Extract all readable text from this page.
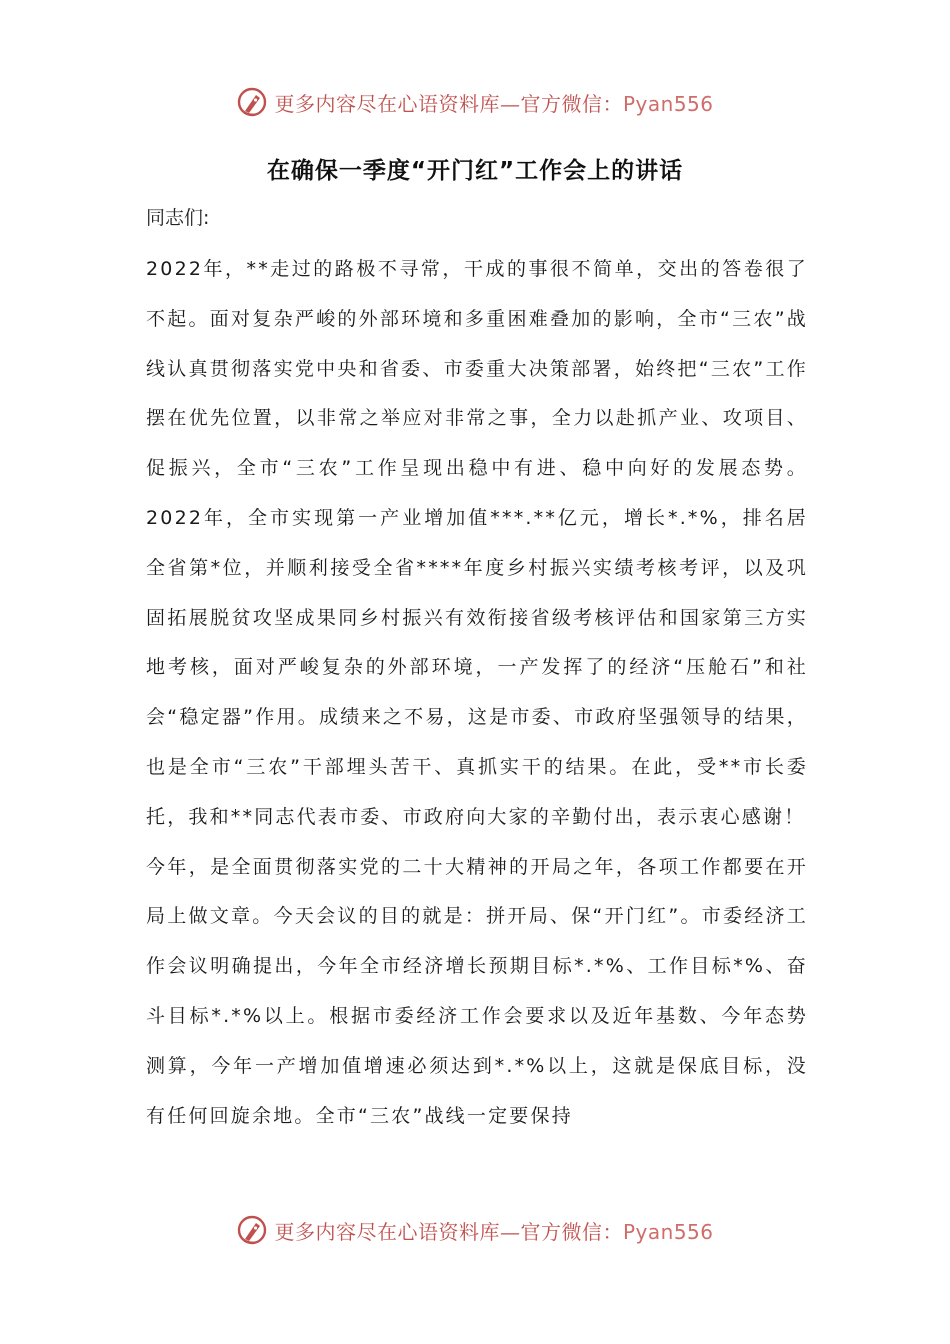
更多内容尽在心语资料库—官方微信：Pyan556
在确保一季度“开门红”工作会上的讲话

同志们:

2022年，**走过的路极不寻常，干成的事很不简单，交出的答卷很了不起。面对复杂严峻的外部环境和多重困难叠加的影响，全市“三农”战线认真贯彻落实党中央和省委、市委重大决策部署，始终把“三农”工作摆在优先位置，以非常之举应对非常之事，全力以赴抓产业、攻项目、促振兴，全市“三农”工作呈现出稳中有进、稳中向好的发展态势。2022年，全市实现第一产业增加值***.**亿元，增长*.*%，排名居全省第*位，并顺利接受全省****年度乡村振兴实绩考核考评，以及巩固拓展脱贫攻坚成果同乡村振兴有效衔接省级考核评估和国家第三方实地考核，面对严峻复杂的外部环境，一产发挥了的经济“压舱石”和社会“稳定器”作用。成绩来之不易，这是市委、市政府坚强领导的结果，也是全市“三农”干部埋头苦干、真抓实干的结果。在此，受**市长委托，我和**同志代表市委、市政府向大家的辛勤付出，表示衷心感谢！

今年，是全面贯彻落实党的二十大精神的开局之年，各项工作都要在开局上做文章。今天会议的目的就是：拼开局、保“开门红”。市委经济工作会议明确提出，今年全市经济增长预期目标*.*%、工作目标*%、奋斗目标*.*%以上。根据市委经济工作会要求以及近年基数、今年态势测算，今年一产增加值增速必须达到*.*%以上，这就是保底目标，没有任何回旋余地。全市“三农”战线一定要保持

更多内容尽在心语资料库—官方微信：Pyan556
